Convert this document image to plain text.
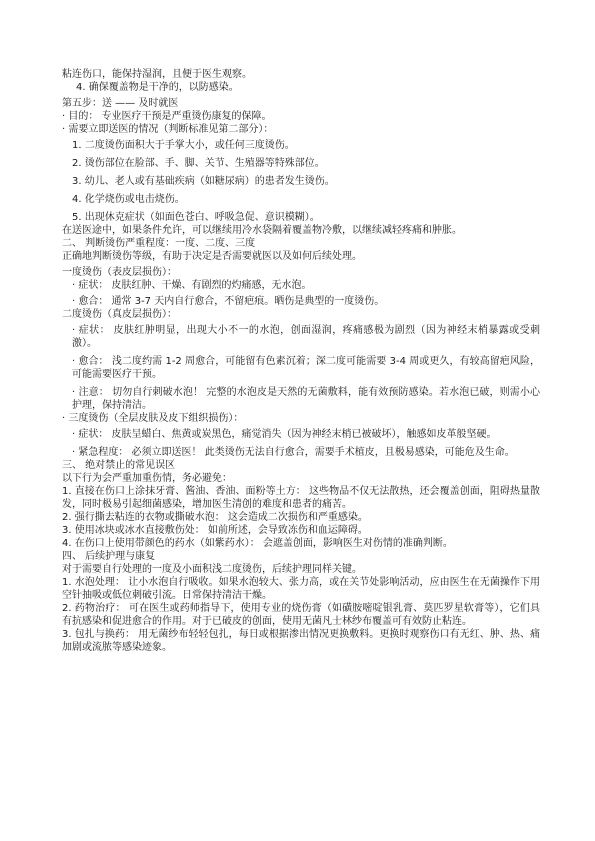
粘连伤口，能保持湿润，且便于医生观察。

4. 确保覆盖物是干净的，以防感染。

第五步：送 —— 及时就医

· 目的： 专业医疗干预是严重烫伤康复的保障。

· 需要立即送医的情况（判断标准见第二部分）：

1. 二度烫伤面积大于手掌大小，或任何三度烫伤。

2. 烫伤部位在脸部、手、脚、关节、生殖器等特殊部位。

3. 幼儿、老人或有基础疾病（如糖尿病）的患者发生烫伤。

4. 化学烧伤或电击烧伤。

5. 出现休克症状（如面色苍白、呼吸急促、意识模糊）。

在送医途中，如果条件允许，可以继续用冷水袋隔着覆盖物冷敷，以继续减轻疼痛和肿胀。

二、 判断烫伤严重程度：一度、二度、三度

正确地判断烫伤等级，有助于决定是否需要就医以及如何后续处理。

一度烫伤（表皮层损伤）：

· 症状： 皮肤红肿、干燥、有剧烈的灼痛感，无水泡。

· 愈合： 通常 3-7 天内自行愈合，不留疤痕。晒伤是典型的一度烫伤。

二度烫伤（真皮层损伤）：

· 症状： 皮肤红肿明显，出现大小不一的水泡，创面湿润，疼痛感极为剧烈（因为神经末梢暴露或受刺激）。

· 愈合： 浅二度约需 1-2 周愈合，可能留有色素沉着；深二度可能需要 3-4 周或更久，有较高留疤风险，可能需要医疗干预。

· 注意： 切勿自行刺破水泡！ 完整的水泡皮是天然的无菌敷料，能有效预防感染。若水泡已破，则需小心护理，保持清洁。

· 三度烫伤（全层皮肤及皮下组织损伤）：

· 症状： 皮肤呈蜡白、焦黄或炭黑色，痛觉消失（因为神经末梢已被破坏），触感如皮革般坚硬。

· 紧急程度： 必须立即送医！ 此类烫伤无法自行愈合，需要手术植皮，且极易感染，可能危及生命。

三、 绝对禁止的常见误区

以下行为会严重加重伤情，务必避免：

1. 直接在伤口上涂抹牙膏、酱油、香油、面粉等土方： 这些物品不仅无法散热，还会覆盖创面，阻碍热量散发，同时极易引起细菌感染，增加医生清创的难度和患者的痛苦。

2. 强行撕去粘连的衣物或撕破水泡： 这会造成二次损伤和严重感染。

3. 使用冰块或冰水直接敷伤处： 如前所述，会导致冻伤和血运障碍。

4. 在伤口上使用带颜色的药水（如紫药水）： 会遮盖创面，影响医生对伤情的准确判断。

四、 后续护理与康复

对于需要自行处理的一度及小面积浅二度烫伤，后续护理同样关键。

1. 水泡处理： 让小水泡自行吸收。如果水泡较大、张力高，或在关节处影响活动，应由医生在无菌操作下用空针抽吸或低位刺破引流。日常保持清洁干燥。

2. 药物治疗： 可在医生或药师指导下，使用专业的烧伤膏（如磺胺嘧啶银乳膏、莫匹罗星软膏等），它们具有抗感染和促进愈合的作用。对于已破皮的创面，使用无菌凡士林纱布覆盖可有效防止粘连。

3. 包扎与换药： 用无菌纱布轻轻包扎，每日或根据渗出情况更换敷料。更换时观察伤口有无红、肿、热、痛加剧或流脓等感染迹象。
